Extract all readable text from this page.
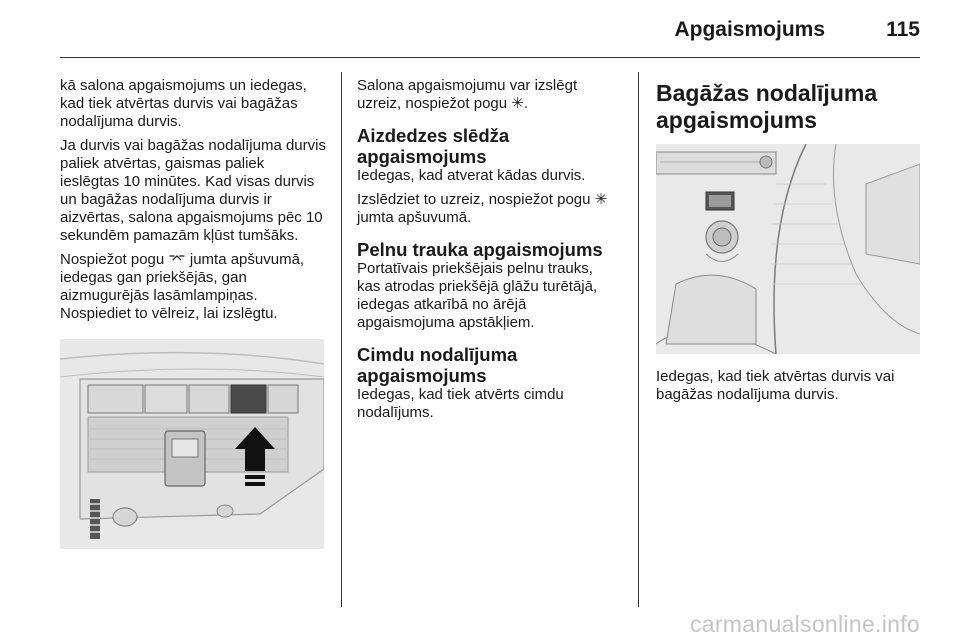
Apgaismojums	115

kā salona apgaismojums un iedegas, kad tiek atvērtas durvis vai bagāžas nodalījuma durvis.

Ja durvis vai bagāžas nodalījuma durvis paliek atvērtas, gaismas paliek ieslēgtas 10 minūtes. Kad visas durvis un bagāžas nodalījuma durvis ir aizvērtas, salona apgaismojums pēc 10 sekundēm pamazām kļūst tumšāks.

Nospiežot pogu ⌤ jumta apšuvumā, iedegas gan priekšējās, gan aizmugurējās lasāmlampiņas. Nospiediet to vēlreiz, lai izslēgtu.

Salona apgaismojumu var izslēgt uzreiz, nospiežot pogu ✳.

Aizdedzes slēdža apgaismojums

Iedegas, kad atverat kādas durvis.

Izslēdziet to uzreiz, nospiežot pogu ✳ jumta apšuvumā.

Pelnu trauka apgaismojums

Portatīvais priekšējais pelnu trauks, kas atrodas priekšējā glāžu turētājā, iedegas atkarībā no ārējā apgaismojuma apstākļiem.

Cimdu nodalījuma apgaismojums

Iedegas, kad tiek atvērts cimdu nodalījums.

Bagāžas nodalījuma apgaismojums

Iedegas, kad tiek atvērtas durvis vai bagāžas nodalījuma durvis.

carmanualsonline.info
